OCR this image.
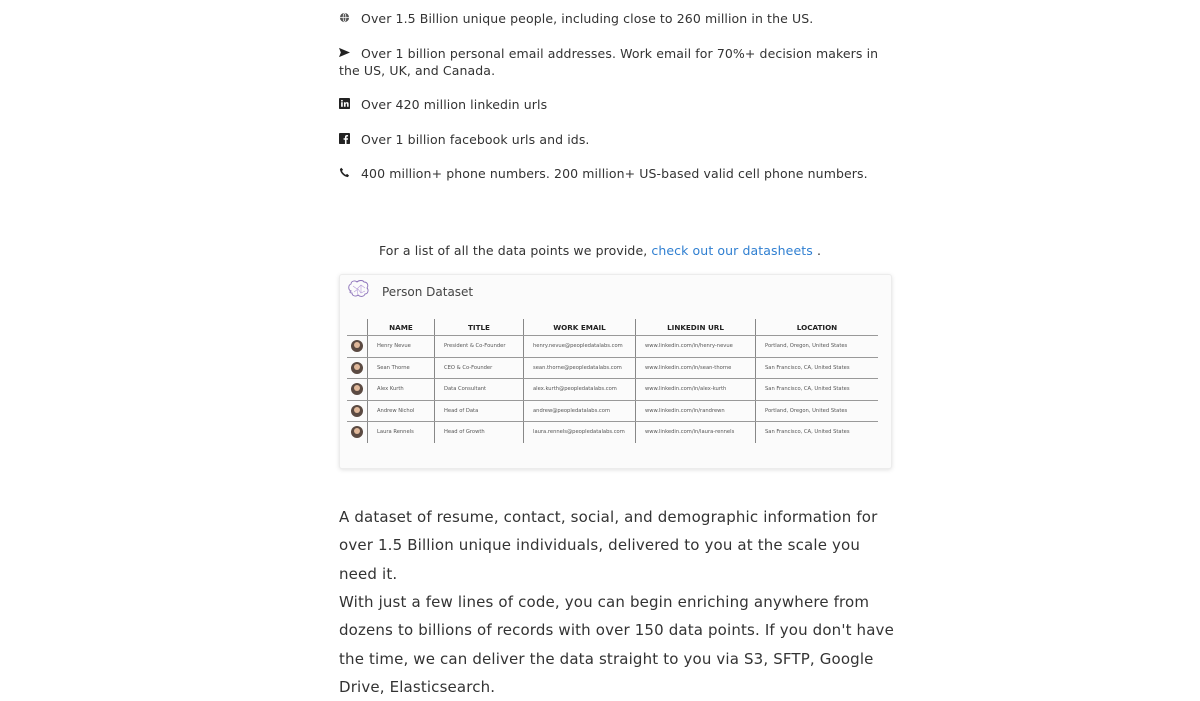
Over 1.5 Billion unique people, including close to 260 million in the US.
Over 1 billion personal email addresses. Work email for 70%+ decision makers in the US, UK, and Canada.
Over 420 million linkedin urls
Over 1 billion facebook urls and ids.
400 million+ phone numbers. 200 million+ US-based valid cell phone numbers.
For a list of all the data points we provide, check out our datasheets .
Person Dataset
	NAME	TITLE	WORK EMAIL	LINKEDIN URL	LOCATION
	Henry Nevue	President & Co-Founder	henry.nevue@peopledatalabs.com	www.linkedin.com/in/henry-nevue	Portland, Oregon, United States
	Sean Thorne	CEO & Co-Founder	sean.thorne@peopledatalabs.com	www.linkedin.com/in/sean-thorne	San Francisco, CA, United States
	Alex Kurth	Data Consultant	alex.kurth@peopledatalabs.com	www.linkedin.com/in/alex-kurth	San Francisco, CA, United States
	Andrew Nichol	Head of Data	andrew@peopledatalabs.com	www.linkedin.com/in/randrewn	Portland, Oregon, United States
	Laura Rennels	Head of Growth	laura.rennels@peopledatalabs.com	www.linkedin.com/in/laura-rennels	San Francisco, CA, United States
A dataset of resume, contact, social, and demographic information for over 1.5 Billion unique individuals, delivered to you at the scale you need it.
With just a few lines of code, you can begin enriching anywhere from dozens to billions of records with over 150 data points. If you don't have the time, we can deliver the data straight to you via S3, SFTP, Google Drive, Elasticsearch.
